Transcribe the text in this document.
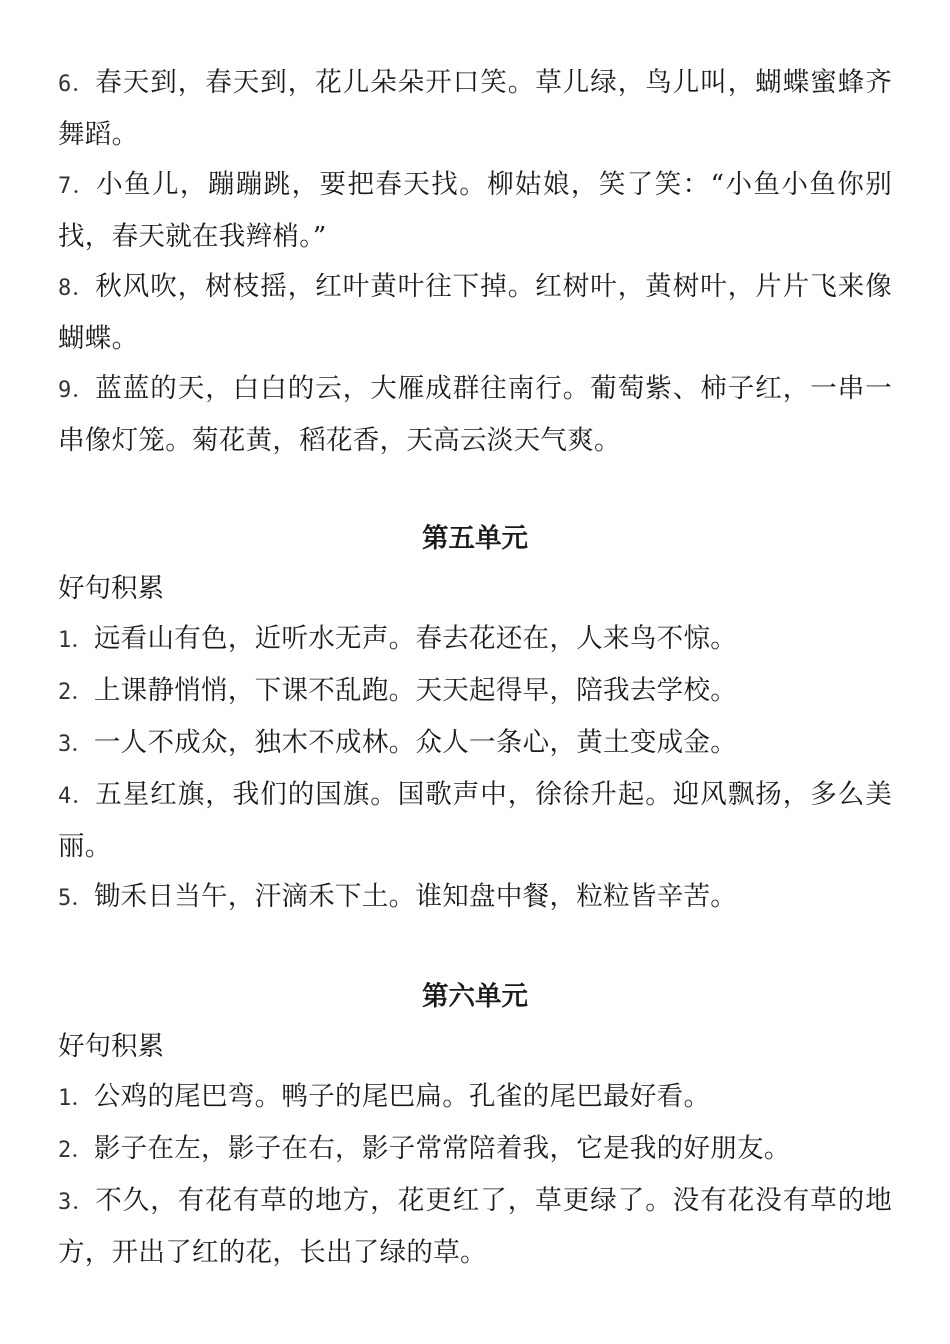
6．春天到，春天到，花儿朵朵开口笑。草儿绿，鸟儿叫，蝴蝶蜜蜂齐舞蹈。

7．小鱼儿，蹦蹦跳，要把春天找。柳姑娘，笑了笑：“小鱼小鱼你别找，春天就在我辫梢。”

8．秋风吹，树枝摇，红叶黄叶往下掉。红树叶，黄树叶，片片飞来像蝴蝶。

9．蓝蓝的天，白白的云，大雁成群往南行。葡萄紫、柿子红，一串一串像灯笼。菊花黄，稻花香，天高云淡天气爽。

第五单元

好句积累

1．远看山有色，近听水无声。春去花还在，人来鸟不惊。

2．上课静悄悄，下课不乱跑。天天起得早，陪我去学校。

3．一人不成众，独木不成林。众人一条心，黄土变成金。

4．五星红旗，我们的国旗。国歌声中，徐徐升起。迎风飘扬，多么美丽。

5．锄禾日当午，汗滴禾下土。谁知盘中餐，粒粒皆辛苦。

第六单元

好句积累

1．公鸡的尾巴弯。鸭子的尾巴扁。孔雀的尾巴最好看。

2．影子在左，影子在右，影子常常陪着我，它是我的好朋友。

3．不久，有花有草的地方，花更红了，草更绿了。没有花没有草的地方，开出了红的花，长出了绿的草。
